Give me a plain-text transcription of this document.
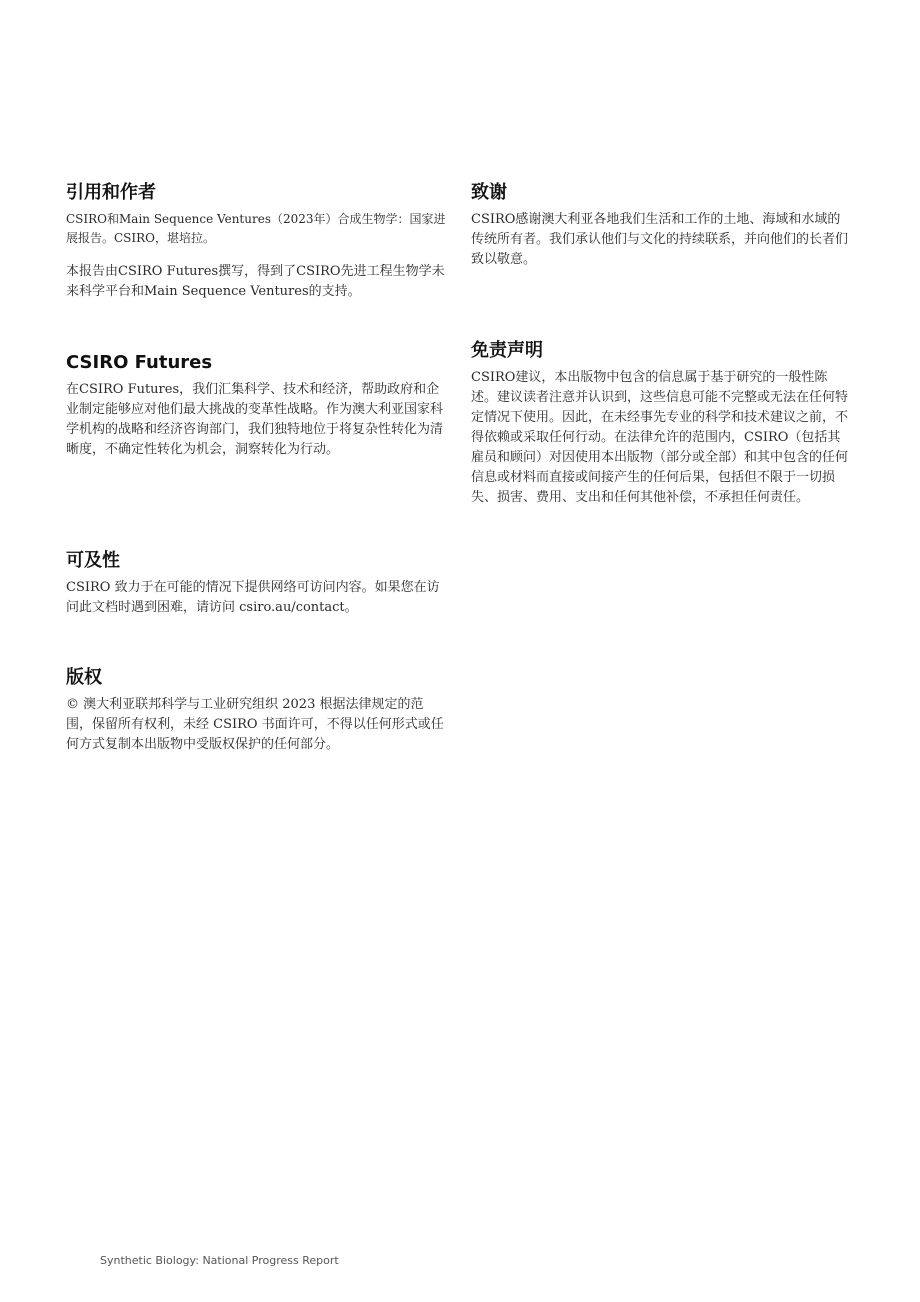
引用和作者

CSIRO和Main Sequence Ventures（2023年）合成生物学：国家进展报告。CSIRO，堪培拉。

本报告由CSIRO Futures撰写，得到了CSIRO先进工程生物学未来科学平台和Main Sequence Ventures的支持。

CSIRO Futures

在CSIRO Futures，我们汇集科学、技术和经济，帮助政府和企业制定能够应对他们最大挑战的变革性战略。作为澳大利亚国家科学机构的战略和经济咨询部门，我们独特地位于将复杂性转化为清晰度，不确定性转化为机会，洞察转化为行动。

可及性

CSIRO 致力于在可能的情况下提供网络可访问内容。如果您在访问此文档时遇到困难，请访问 csiro.au/contact。

版权

© 澳大利亚联邦科学与工业研究组织 2023 根据法律规定的范围，保留所有权利，未经 CSIRO 书面许可，不得以任何形式或任何方式复制本出版物中受版权保护的任何部分。

致谢

CSIRO感谢澳大利亚各地我们生活和工作的土地、海域和水域的传统所有者。我们承认他们与文化的持续联系，并向他们的长者们致以敬意。

免责声明

CSIRO建议，本出版物中包含的信息属于基于研究的一般性陈述。建议读者注意并认识到，这些信息可能不完整或无法在任何特定情况下使用。因此，在未经事先专业的科学和技术建议之前，不得依赖或采取任何行动。在法律允许的范围内，CSIRO（包括其雇员和顾问）对因使用本出版物（部分或全部）和其中包含的任何信息或材料而直接或间接产生的任何后果，包括但不限于一切损失、损害、费用、支出和任何其他补偿，不承担任何责任。

Synthetic Biology: National Progress Report
